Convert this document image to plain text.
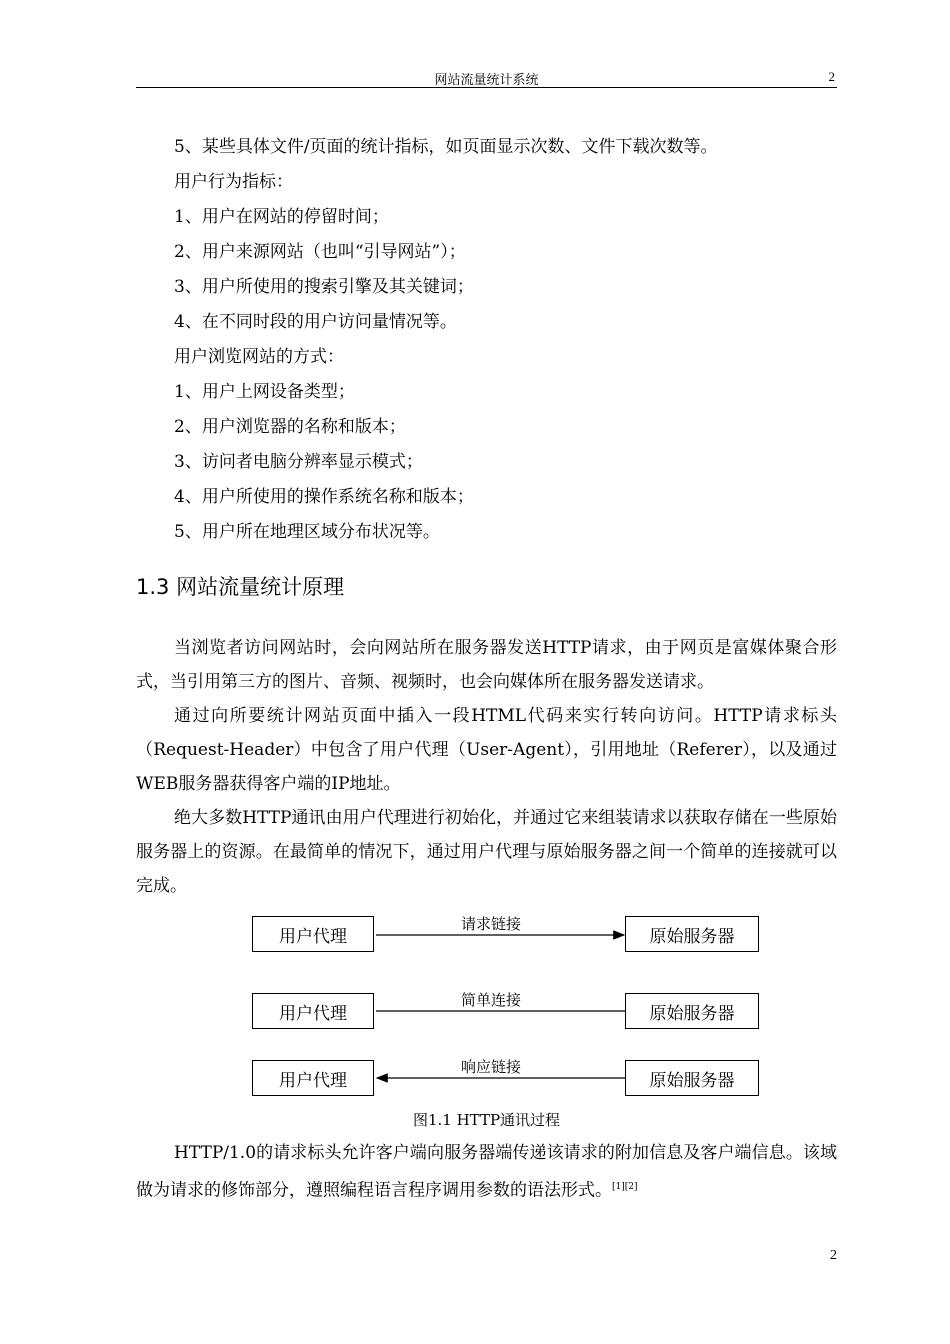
网站流量统计系统	2
5、某些具体文件/页面的统计指标，如页面显示次数、文件下载次数等。
用户行为指标：
1、用户在网站的停留时间；
2、用户来源网站（也叫“引导网站”）；
3、用户所使用的搜索引擎及其关键词；
4、在不同时段的用户访问量情况等。
用户浏览网站的方式：
1、用户上网设备类型；
2、用户浏览器的名称和版本；
3、访问者电脑分辨率显示模式；
4、用户所使用的操作系统名称和版本；
5、用户所在地理区域分布状况等。
1.3 网站流量统计原理

当浏览者访问网站时，会向网站所在服务器发送HTTP请求，由于网页是富媒体聚合形式，当引用第三方的图片、音频、视频时，也会向媒体所在服务器发送请求。

通过向所要统计网站页面中插入一段HTML代码来实行转向访问。HTTP请求标头（Request-Header）中包含了用户代理（User-Agent），引用地址（Referer），以及通过WEB服务器获得客户端的IP地址。

绝大多数HTTP通讯由用户代理进行初始化，并通过它来组装请求以获取存储在一些原始服务器上的资源。在最简单的情况下，通过用户代理与原始服务器之间一个简单的连接就可以完成。

用户代理	原始服务器
请求链接
用户代理	原始服务器
简单连接
用户代理	原始服务器
响应链接
图1.1 HTTP通讯过程

HTTP/1.0的请求标头允许客户端向服务器端传递该请求的附加信息及客户端信息。该域做为请求的修饰部分，遵照编程语言程序调用参数的语法形式。[1][2]

2
